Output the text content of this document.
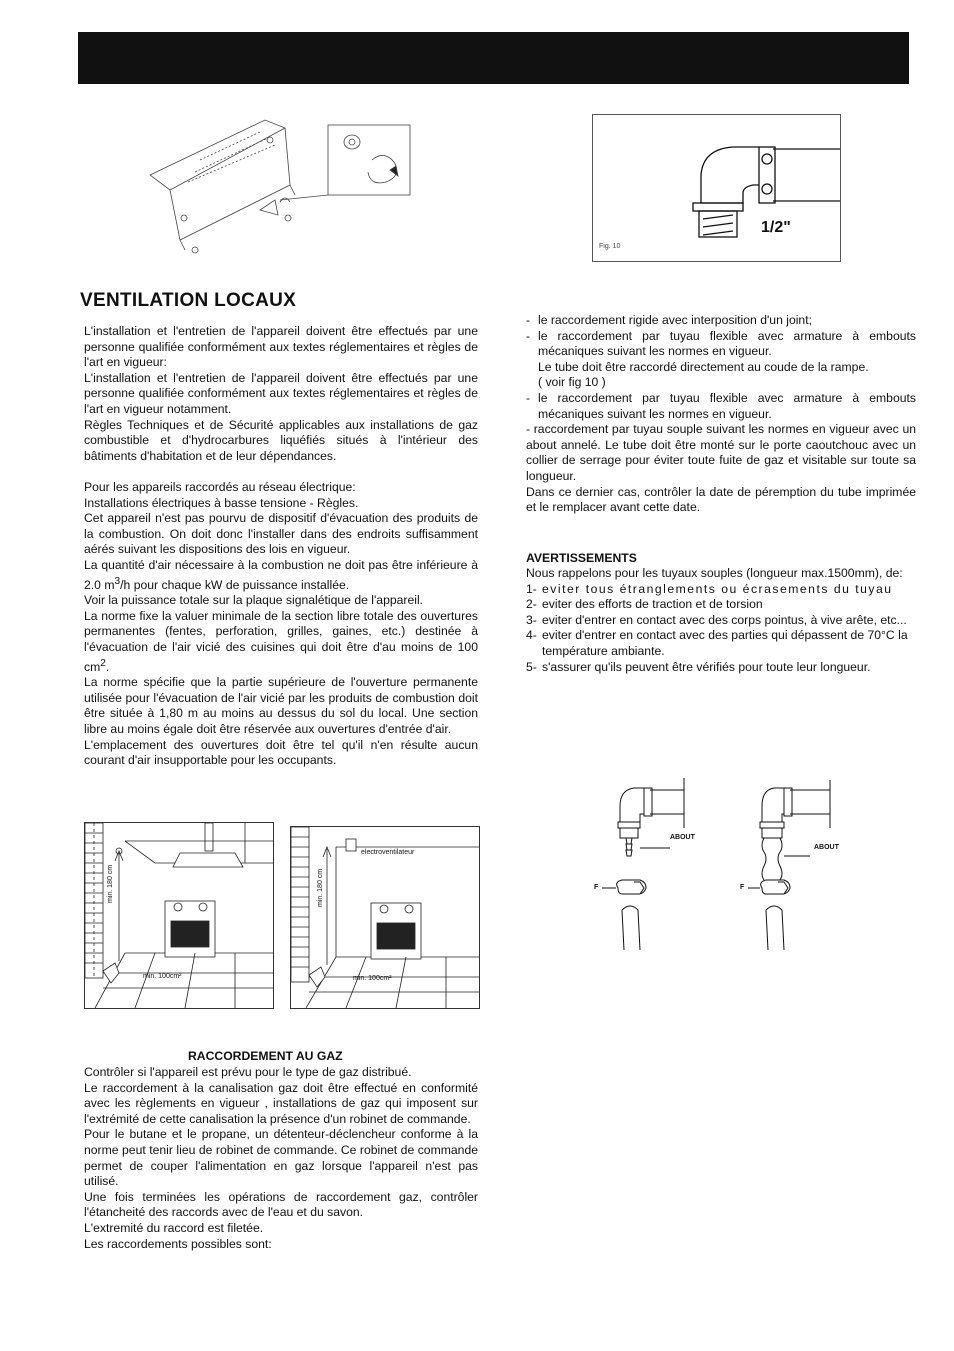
1/2"
Fig. 10
VENTILATION LOCAUX

L'installation et l'entretien de l'appareil doivent être effectués par une personne qualifiée conformément aux textes réglementaires et règles de l'art en vigueur:

L'installation et l'entretien de l'appareil doivent être effectués par une personne qualifiée conformément aux textes réglementaires et règles de l'art en vigueur notamment.

Règles Techniques et de Sécurité applicables aux installations de gaz combustible et d'hydrocarbures liquéfiés situés à l'intérieur des bâtiments d'habitation et de leur dépendances.

Pour les appareils raccordés au réseau électrique:

Installations électriques à basse tensione - Règles.

Cet appareil n'est pas pourvu de dispositif d'évacuation des produits de la combustion. On doit donc l'installer dans des endroits suffisamment aérés suivant les dispositions des lois en vigueur.

La quantité d'air nécessaire à la combustion ne doit pas être inférieure à 2.0 $m^3/h$ pour chaque kW de puissance installée.

Voir la puissance totale sur la plaque signalétique de l'appareil.

La norme fixe la valuer minimale de la section libre totale des ouvertures permanentes (fentes, perforation, grilles, gaines, etc.) destinée à l'évacuation de l'air vicié des cuisines qui doit être d'au moins de 100 $cm^2$.

La norme spécifie que la partie supérieure de l'ouverture permanente utilisée pour l'évacuation de l'air vicié par les produits de combustion doit être située à 1,80 m au moins au dessus du sol du local. Une section libre au moins égale doit être réservée aux ouvertures d'entrée d'air.

L'emplacement des ouvertures doit être tel qu'il n'en résulte aucun courant d'air insupportable pour les occupants.

min. 180 cm
min. 100cm²
electroventilateur
min. 180 cm
min. 100cm²
RACCORDEMENT AU GAZ

Contrôler si l'appareil est prévu pour le type de gaz distribué.

Le raccordement à la canalisation gaz doit être effectué en conformité avec les règlements en vigueur , installations de gaz qui imposent sur l'extrémité de cette canalisation la présence d'un robinet de commande.

Pour le butane et le propane, un détenteur-déclencheur conforme à la norme peut tenir lieu de robinet de commande. Ce robinet de commande permet de couper l'alimentation en gaz lorsque l'appareil n'est pas utilisé.

Une fois terminées les opérations de raccordement gaz, contrôler l'étancheité des raccords avec de l'eau et du savon.

L'extremité du raccord est filetée.

Les raccordements possibles sont:

- le raccordement rigide avec interposition d'un joint;
- le raccordement par tuyau flexible avec armature à embouts mécaniques suivant les normes en vigueur.

Le tube doit être raccordé directement au coude de la rampe.

( voir fig 10 )

- le raccordement par tuyau flexible avec armature à embouts mécaniques suivant les normes en vigueur.

- raccordement par tuyau souple suivant les normes en vigueur avec un about annelé. Le tube doit être monté sur le porte caoutchouc avec un collier de serrage pour éviter toute fuite de gaz et visitable sur toute sa longueur.

Dans ce dernier cas, contrôler la date de péremption du tube imprimée et le remplacer avant cette date.

AVERTISSEMENTS

Nous rappelons pour les tuyaux souples (longueur max.1500mm), de:

1- eviter tous étranglements ou écrasements du tuyau
2- eviter des efforts de traction et de torsion
3- eviter d'entrer en contact avec des corps pointus, à vive arête, etc...
4- eviter d'entrer en contact avec des parties qui dépassent de 70°C la température ambiante.
5- s'assurer qu'ils peuvent être vérifiés pour toute leur longueur.
ABOUT
ABOUT
F	F
